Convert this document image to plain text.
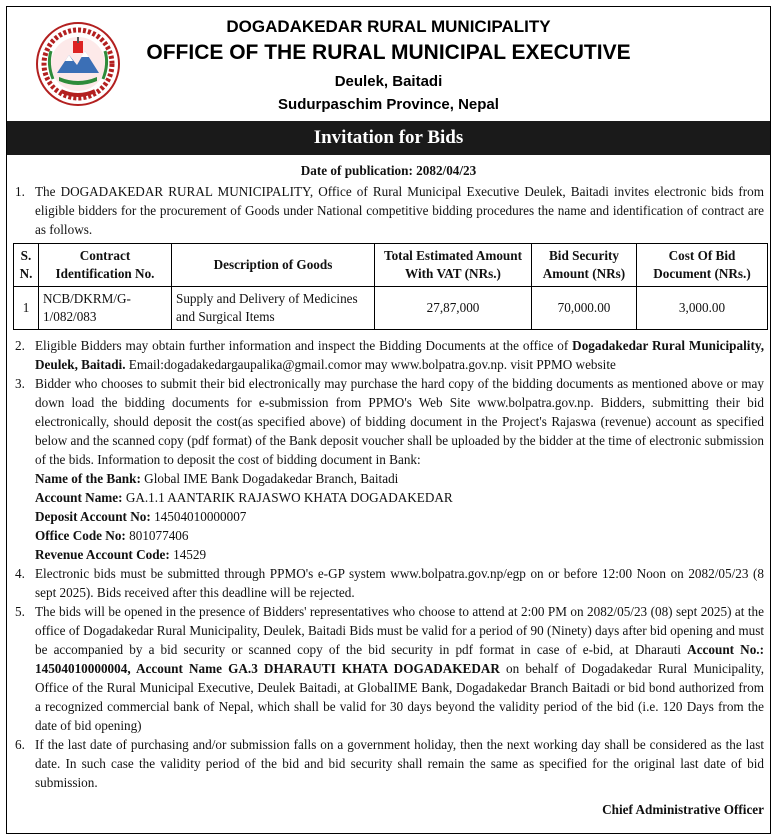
DOGADAKEDAR RURAL MUNICIPALITY
OFFICE OF THE RURAL MUNICIPAL EXECUTIVE
Deulek, Baitadi
Sudurpaschim Province, Nepal
Invitation for Bids
Date of publication: 2082/04/23
1. The DOGADAKEDAR RURAL MUNICIPALITY, Office of Rural Municipal Executive Deulek, Baitadi invites electronic bids from eligible bidders for the procurement of Goods under National competitive bidding procedures the name and identification of contract are as follows.
S. N.	Contract Identification No.	Description of Goods	Total Estimated Amount With VAT (NRs.)	Bid Security Amount (NRs)	Cost Of Bid Document (NRs.)
1	NCB/DKRM/G-1/082/083	Supply and Delivery of Medicines and Surgical Items	27,87,000	70,000.00	3,000.00
2. Eligible Bidders may obtain further information and inspect the Bidding Documents at the office of Dogadakedar Rural Municipality, Deulek, Baitadi. Email:dogadakedargaupalika@gmail.comor may www.bolpatra.gov.np. visit PPMO website
3. Bidder who chooses to submit their bid electronically may purchase the hard copy of the bidding documents as mentioned above or may down load the bidding documents for e-submission from PPMO's Web Site www.bolpatra.gov.np. Bidders, submitting their bid electronically, should deposit the cost(as specified above) of bidding document in the Project's Rajaswa (revenue) account as specified below and the scanned copy (pdf format) of the Bank deposit voucher shall be uploaded by the bidder at the time of electronic submission of the bids. Information to deposit the cost of bidding document in Bank:
Name of the Bank: Global IME Bank Dogadakedar Branch, Baitadi
Account Name: GA.1.1 AANTARIK RAJASWO KHATA DOGADAKEDAR
Deposit Account No: 14504010000007
Office Code No: 801077406
Revenue Account Code: 14529
4. Electronic bids must be submitted through PPMO's e-GP system www.bolpatra.gov.np/egp on or before 12:00 Noon on 2082/05/23 (8 sept 2025). Bids received after this deadline will be rejected.
5. The bids will be opened in the presence of Bidders' representatives who choose to attend at 2:00 PM on 2082/05/23 (08) sept 2025) at the office of Dogadakedar Rural Municipality, Deulek, Baitadi Bids must be valid for a period of 90 (Ninety) days after bid opening and must be accompanied by a bid security or scanned copy of the bid security in pdf format in case of e-bid, at Dharauti Account No.: 14504010000004, Account Name GA.3 DHARAUTI KHATA DOGADAKEDAR on behalf of Dogadakedar Rural Municipality, Office of the Rural Municipal Executive, Deulek Baitadi, at GlobalIME Bank, Dogadakedar Branch Baitadi or bid bond authorized from a recognized commercial bank of Nepal, which shall be valid for 30 days beyond the validity period of the bid (i.e. 120 Days from the date of bid opening)
6. If the last date of purchasing and/or submission falls on a government holiday, then the next working day shall be considered as the last date. In such case the validity period of the bid and bid security shall remain the same as specified for the original last date of bid submission.
Chief Administrative Officer
